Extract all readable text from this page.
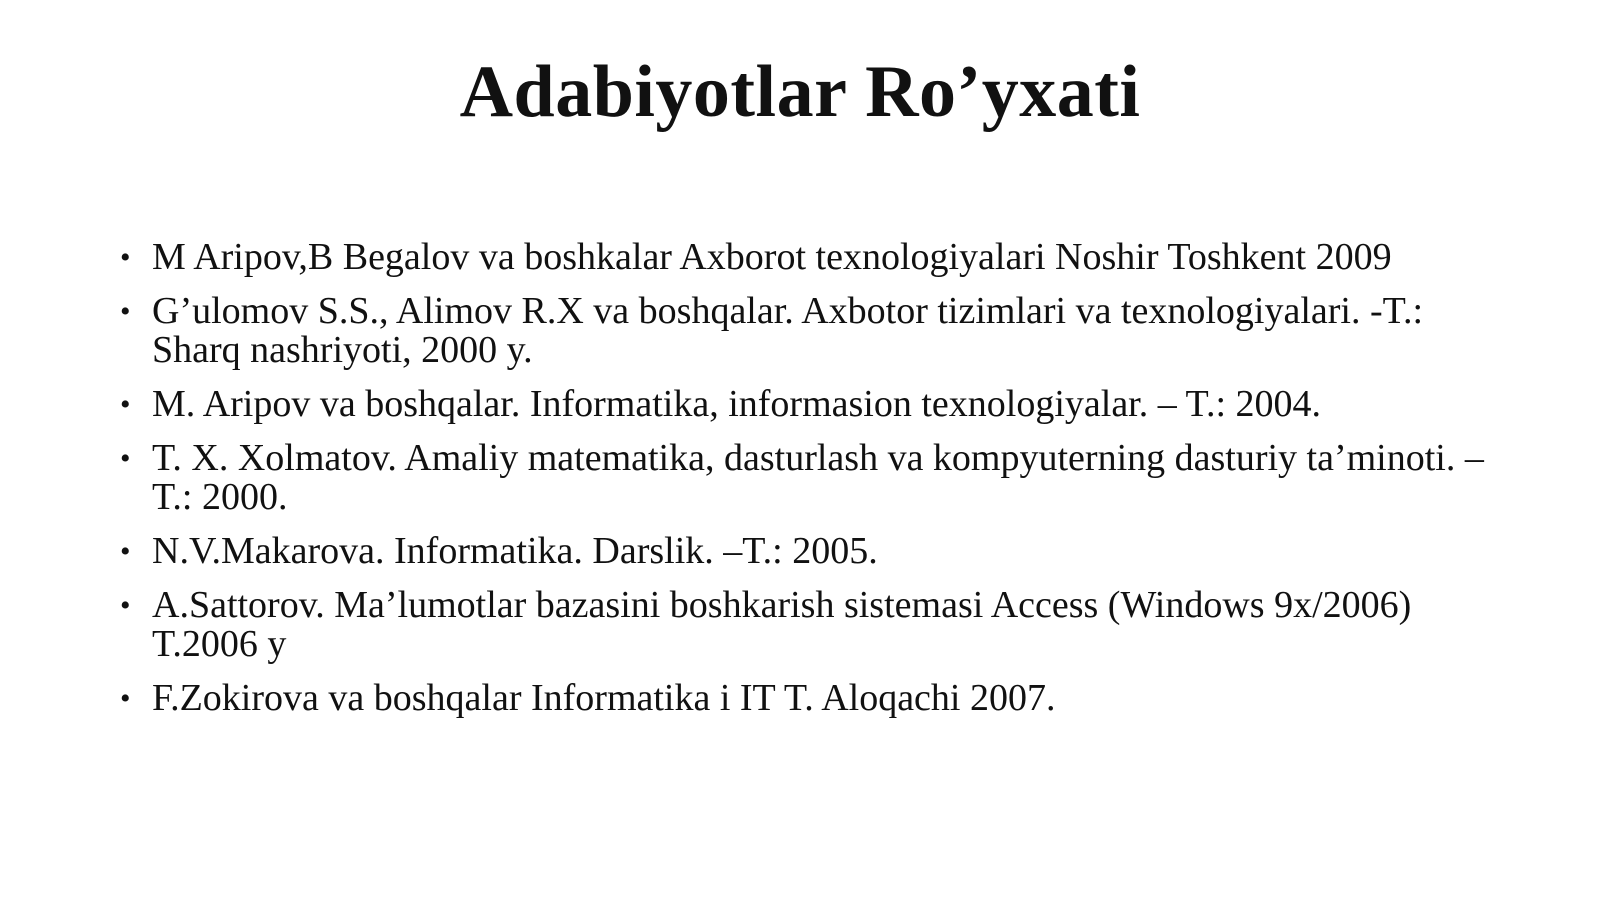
Adabiyotlar Ro’yxati
• M Aripov,B Begalov va boshkalar Axborot texnologiyalari Noshir Toshkent 2009
• G’ulomov S.S., Alimov R.X va boshqalar. Axbotor tizimlari va texnologiyalari. -T.: Sharq nashriyoti, 2000 y.
• M. Aripov va boshqalar. Informatika, informasion texnologiyalar. – T.: 2004.
• T. X. Xolmatov. Amaliy matematika, dasturlash va kompyuterning dasturiy ta’minoti. – T.: 2000.
• N.V.Makarova. Informatika. Darslik. –T.: 2005.
• A.Sattorov. Ma’lumotlar bazasini boshkarish sistemasi Access (Windows 9x/2006) T.2006 y
• F.Zokirova va boshqalar Informatika i IT T. Aloqachi 2007.
